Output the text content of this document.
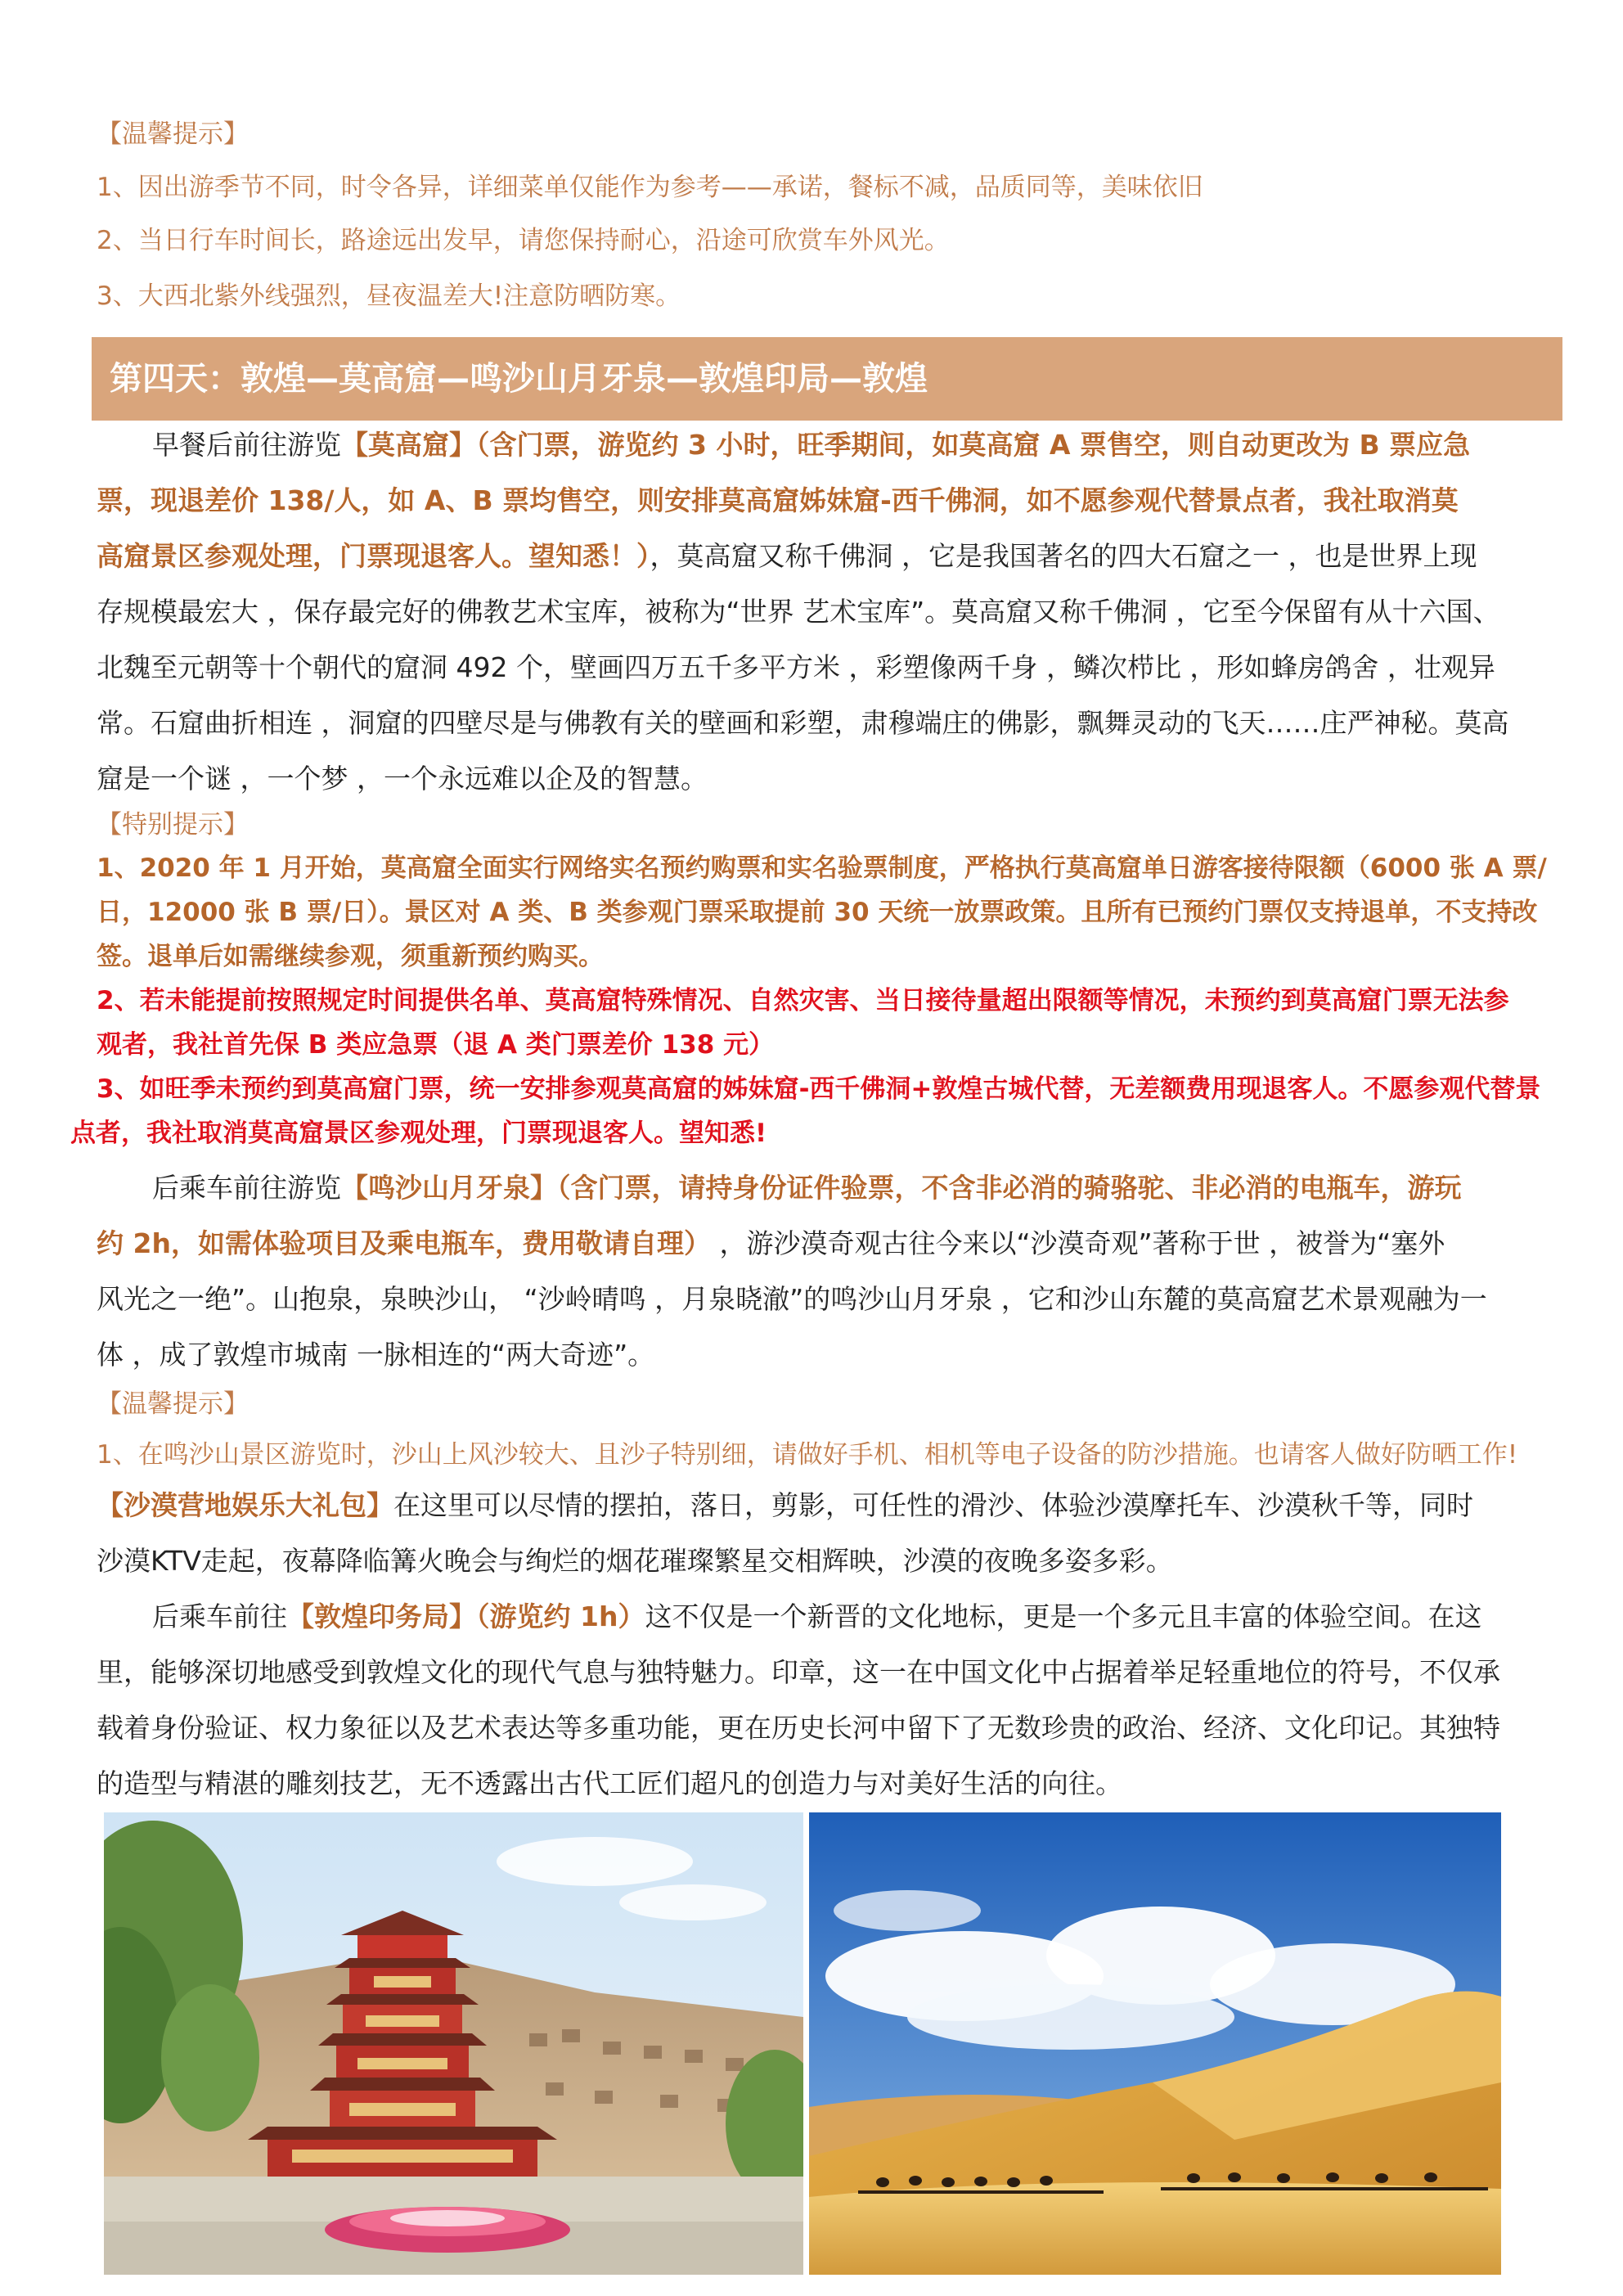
【温馨提示】
1、因出游季节不同，时令各异，详细菜单仅能作为参考——承诺，餐标不减，品质同等，美味依旧
2、当日行车时间长，路途远出发早，请您保持耐心，沿途可欣赏车外风光。
3、大西北紫外线强烈，昼夜温差大!注意防晒防寒。
第四天：敦煌—莫高窟—鸣沙山月牙泉—敦煌印局—敦煌

早餐后前往游览【莫高窟】（含门票，游览约 3 小时，旺季期间，如莫高窟 A 票售空，则自动更改为 B 票应急

票，现退差价 138/人，如 A、B 票均售空，则安排莫高窟姊妹窟-西千佛洞，如不愿参观代替景点者，我社取消莫

高窟景区参观处理，门票现退客人。望知悉！），莫高窟又称千佛洞 ，它是我国著名的四大石窟之一 ，也是世界上现

存规模最宏大 ，保存最完好的佛教艺术宝库，被称为“世界 艺术宝库”。莫高窟又称千佛洞 ，它至今保留有从十六国、

北魏至元朝等十个朝代的窟洞 492 个，壁画四万五千多平方米 ，彩塑像两千身 ，鳞次栉比 ，形如蜂房鸽舍 ，壮观异

常。石窟曲折相连 ，洞窟的四壁尽是与佛教有关的壁画和彩塑，肃穆端庄的佛影，飘舞灵动的飞天……庄严神秘。莫高

窟是一个谜 ，一个梦 ，一个永远难以企及的智慧。

【特别提示】

1、2020 年 1 月开始，莫高窟全面实行网络实名预约购票和实名验票制度，严格执行莫高窟单日游客接待限额（6000 张 A 票/

日，12000 张 B 票/日）。景区对 A 类、B 类参观门票采取提前 30 天统一放票政策。且所有已预约门票仅支持退单，不支持改

签。退单后如需继续参观，须重新预约购买。

2、若未能提前按照规定时间提供名单、莫高窟特殊情况、自然灾害、当日接待量超出限额等情况，未预约到莫高窟门票无法参
观者，我社首先保 B 类应急票（退 A 类门票差价 138 元）
3、如旺季未预约到莫高窟门票，统一安排参观莫高窟的姊妹窟-西千佛洞+敦煌古城代替，无差额费用现退客人。不愿参观代替景
点者，我社取消莫高窟景区参观处理，门票现退客人。望知悉!

后乘车前往游览【鸣沙山月牙泉】（含门票，请持身份证件验票，不含非必消的骑骆驼、非必消的电瓶车，游玩

约 2h，如需体验项目及乘电瓶车，费用敬请自理） ，游沙漠奇观古往今来以“沙漠奇观”著称于世 ，被誉为“塞外

风光之一绝”。山抱泉，泉映沙山， “沙岭晴鸣 ，月泉晓澈”的鸣沙山月牙泉 ，它和沙山东麓的莫高窟艺术景观融为一

体 ，成了敦煌市城南 一脉相连的“两大奇迹”。

【温馨提示】
1、在鸣沙山景区游览时，沙山上风沙较大、且沙子特别细，请做好手机、相机等电子设备的防沙措施。也请客人做好防晒工作!

【沙漠营地娱乐大礼包】在这里可以尽情的摆拍，落日，剪影，可任性的滑沙、体验沙漠摩托车、沙漠秋千等，同时

沙漠KTV走起，夜幕降临篝火晚会与绚烂的烟花璀璨繁星交相辉映，沙漠的夜晚多姿多彩。

后乘车前往【敦煌印务局】（游览约 1h）这不仅是一个新晋的文化地标，更是一个多元且丰富的体验空间。在这

里，能够深切地感受到敦煌文化的现代气息与独特魅力。印章，这一在中国文化中占据着举足轻重地位的符号，不仅承

载着身份验证、权力象征以及艺术表达等多重功能，更在历史长河中留下了无数珍贵的政治、经济、文化印记。其独特

的造型与精湛的雕刻技艺，无不透露出古代工匠们超凡的创造力与对美好生活的向往。
